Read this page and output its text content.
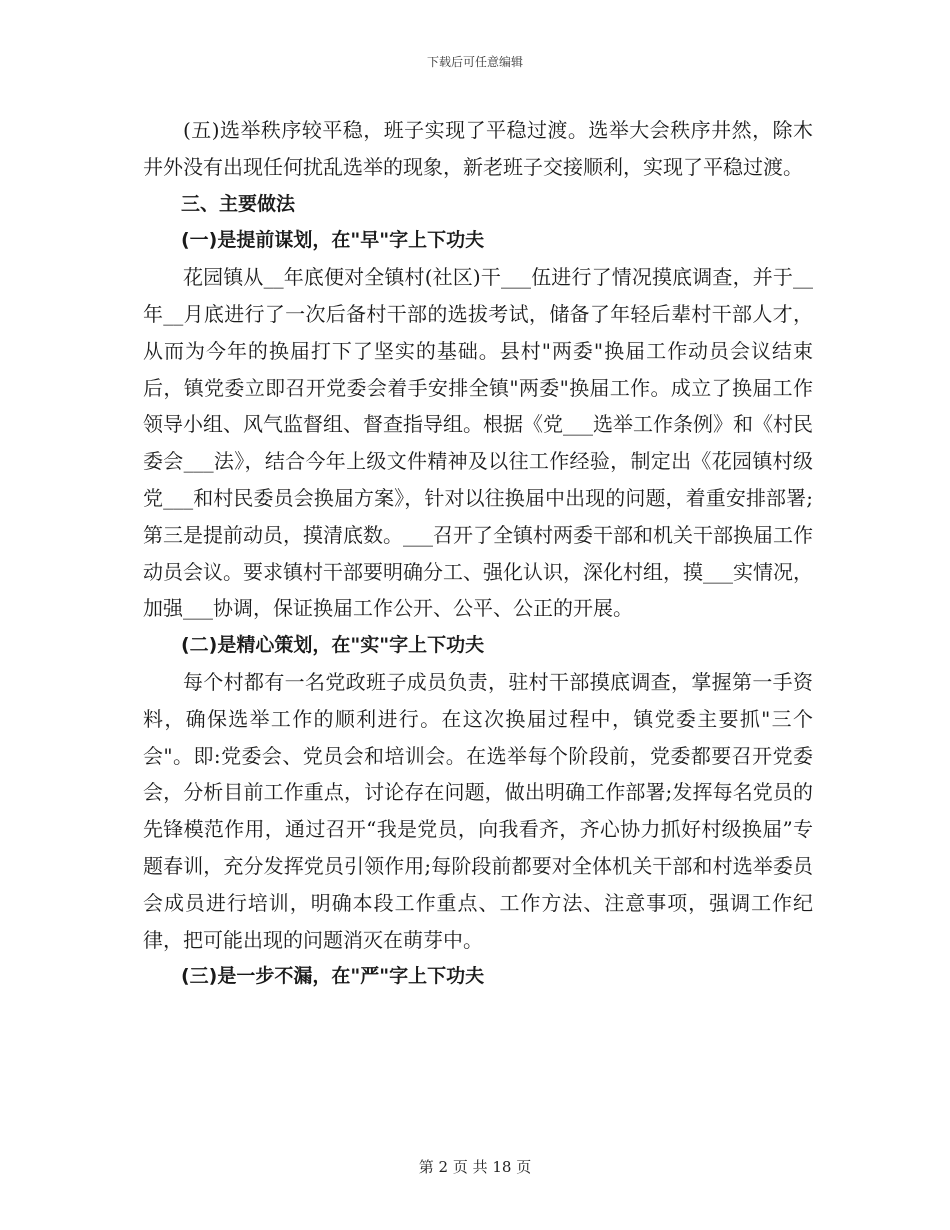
下载后可任意编辑

(五)选举秩序较平稳，班子实现了平稳过渡。选举大会秩序井然，除木井外没有出现任何扰乱选举的现象，新老班子交接顺利，实现了平稳过渡。

三、主要做法

(一)是提前谋划，在"早"字上下功夫

花园镇从__年底便对全镇村(社区)干___伍进行了情况摸底调查，并于__年__月底进行了一次后备村干部的选拔考试，储备了年轻后辈村干部人才，从而为今年的换届打下了坚实的基础。县村"两委"换届工作动员会议结束后，镇党委立即召开党委会着手安排全镇"两委"换届工作。成立了换届工作领导小组、风气监督组、督查指导组。根据《党___选举工作条例》和《村民委会___法》，结合今年上级文件精神及以往工作经验，制定出《花园镇村级党___和村民委员会换届方案》，针对以往换届中出现的问题，着重安排部署;第三是提前动员，摸清底数。___召开了全镇村两委干部和机关干部换届工作动员会议。要求镇村干部要明确分工、强化认识，深化村组，摸___实情况，加强___协调，保证换届工作公开、公平、公正的开展。

(二)是精心策划，在"实"字上下功夫

每个村都有一名党政班子成员负责，驻村干部摸底调查，掌握第一手资料，确保选举工作的顺利进行。在这次换届过程中，镇党委主要抓"三个会"。即:党委会、党员会和培训会。在选举每个阶段前，党委都要召开党委会，分析目前工作重点，讨论存在问题，做出明确工作部署;发挥每名党员的先锋模范作用，通过召开“我是党员，向我看齐，齐心协力抓好村级换届”专题春训，充分发挥党员引领作用;每阶段前都要对全体机关干部和村选举委员会成员进行培训，明确本段工作重点、工作方法、注意事项，强调工作纪律，把可能出现的问题消灭在萌芽中。

(三)是一步不漏，在"严"字上下功夫

第 2 页 共 18 页
